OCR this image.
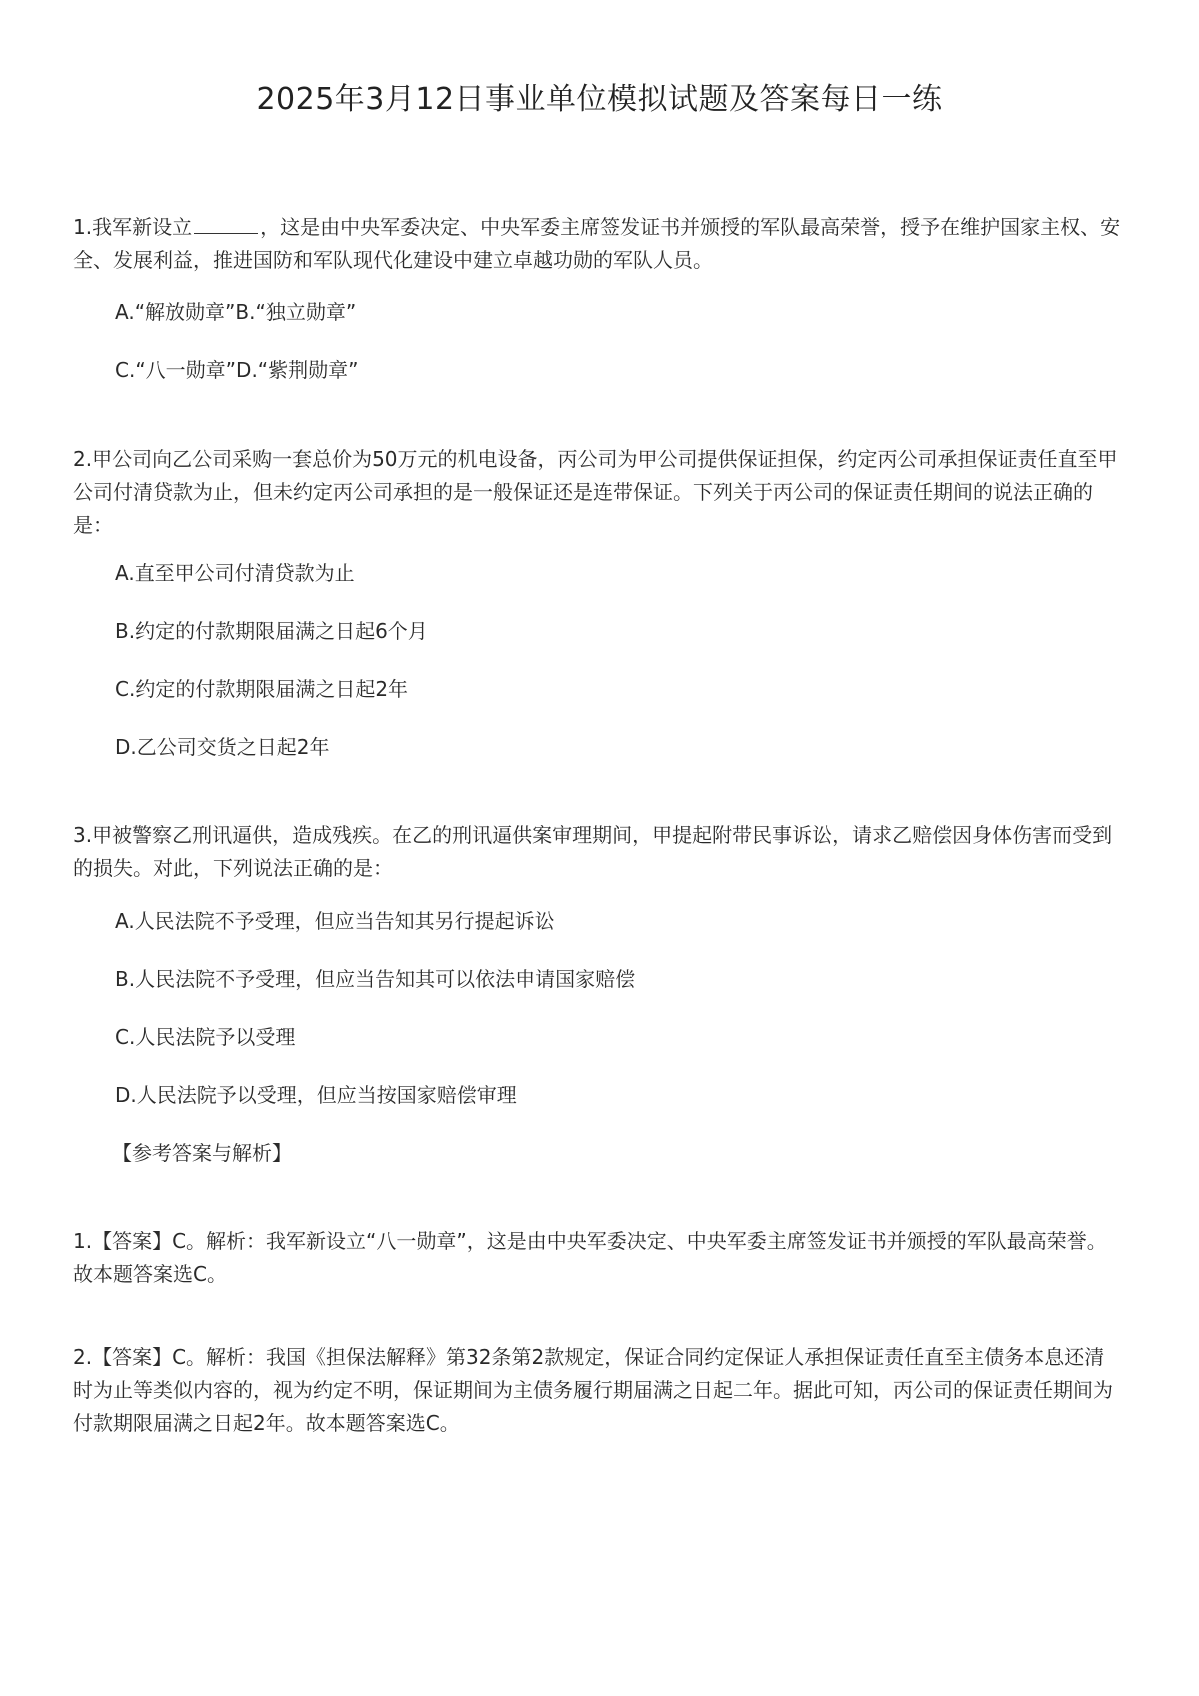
2025年3月12日事业单位模拟试题及答案每日一练
1.我军新设立	，这是由中央军委决定、中央军委主席签发证书并颁授的军队最高荣誉，授予在维护国家主权、安全、发展利益，推进国防和军队现代化建设中建立卓越功勋的军队人员。
A.“解放勋章”B.“独立勋章”
C.“八一勋章”D.“紫荆勋章”
2.甲公司向乙公司采购一套总价为50万元的机电设备，丙公司为甲公司提供保证担保，约定丙公司承担保证责任直至甲公司付清贷款为止，但未约定丙公司承担的是一般保证还是连带保证。下列关于丙公司的保证责任期间的说法正确的是：
A.直至甲公司付清贷款为止
B.约定的付款期限届满之日起6个月
C.约定的付款期限届满之日起2年
D.乙公司交货之日起2年
3.甲被警察乙刑讯逼供，造成残疾。在乙的刑讯逼供案审理期间，甲提起附带民事诉讼，请求乙赔偿因身体伤害而受到的损失。对此，下列说法正确的是：
A.人民法院不予受理，但应当告知其另行提起诉讼
B.人民法院不予受理，但应当告知其可以依法申请国家赔偿
C.人民法院予以受理
D.人民法院予以受理，但应当按国家赔偿审理
【参考答案与解析】
1.【答案】C。解析：我军新设立“八一勋章”，这是由中央军委决定、中央军委主席签发证书并颁授的军队最高荣誉。故本题答案选C。
2.【答案】C。解析：我国《担保法解释》第32条第2款规定，保证合同约定保证人承担保证责任直至主债务本息还清时为止等类似内容的，视为约定不明，保证期间为主债务履行期届满之日起二年。据此可知，丙公司的保证责任期间为付款期限届满之日起2年。故本题答案选C。
